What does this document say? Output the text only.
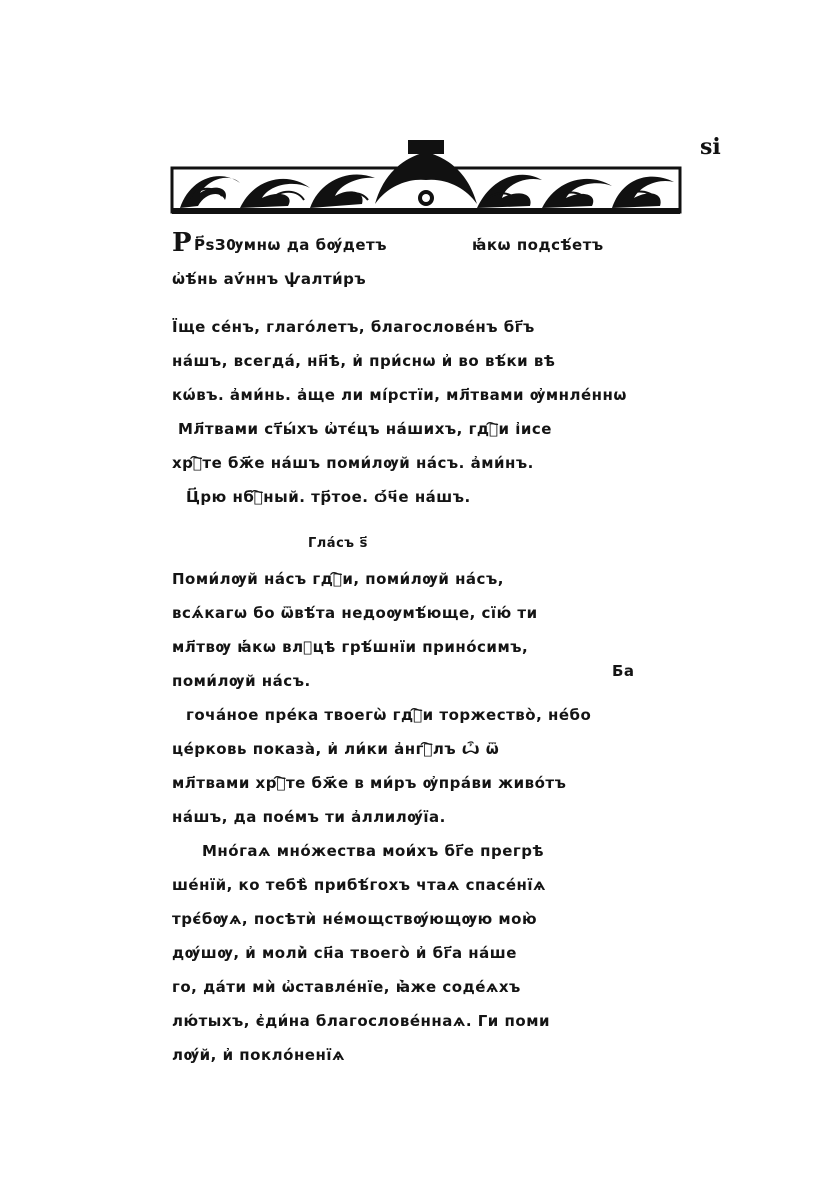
ѕi
Р Р҃ѕЗѸмнѡ да бѹ́детъ	ꙗ҆́кѡ подсѣ́етъ
ѡ҆ѣ́нь аѵ҆́ннъ ѱалти́ръ
Їще се́нъ, глаго́летъ, благослове́нъ бг҃ъ
на́шъ, всегда́, нн҃ѣ, и҆ при́снѡ и҆ во вѣ́ки вѣ
кѡ́въ. а҆ми́нь. а҆ще ли мі́рстїи, мл҃твами ѹ҆мнле́ннѡ
Мл҃твами ст҃ы́хъ ѡ҆тє́цъ на́шихъ, гдⷭ҇и і҆исе
хрⷭ҇те бж҃е на́шъ поми́лѹй на́съ. а҆ми́нъ.
Ц҃рю нбⷭ҇ный. тр҃тое. ѻ҆́ч҃е на́шъ.
Гла́съ ѕ҃
Поми́лѹй на́съ гдⷭ҇и, поми́лѹй на́съ,
всѧ́кагѡ бо ѿвѣ́та недоѹмѣ́юще, сїю́ ти
мл҃твѹ ꙗ҆́кѡ влⷣцѣ грѣ́шнїи прино́симъ,
поми́лѹй на́съ.
Ба
гоча́ное пре́ка твоегѡ̀ гдⷭ҇и торжество̀, не́бо
це́рковь показа̀, и҆ ли́ки а҆нгⷭ҇лъ ѽ ѿ
мл҃твами хрⷭ҇те бж҃е в ми́ръ ѹ҆пра́ви живо́тъ
на́шъ, да пое́мъ ти а҆ллилѹ́їа.
Мно́гаѧ мно́жества мои́хъ бг҃е прегрѣ
ше́нїй, ко тебѣ̀ прибѣ́гохъ чтаѧ спасе́нїѧ
трє́бѹѧ, посѣтѝ не́мощствѹ́ющѹю мою̀
дѹ́шѹ, и҆ моли̇̀ сн҃а твоего̀ и҆ бг҃а на́ше
го, да́ти мѝ ѡ҆ставле́нїе, ꙗ҆̀же соде́ѧхъ
лю́тыхъ, є҆ди́на благослове́ннаѧ. Ги поми
лѹ́й, и҆ покло́ненїѧ
